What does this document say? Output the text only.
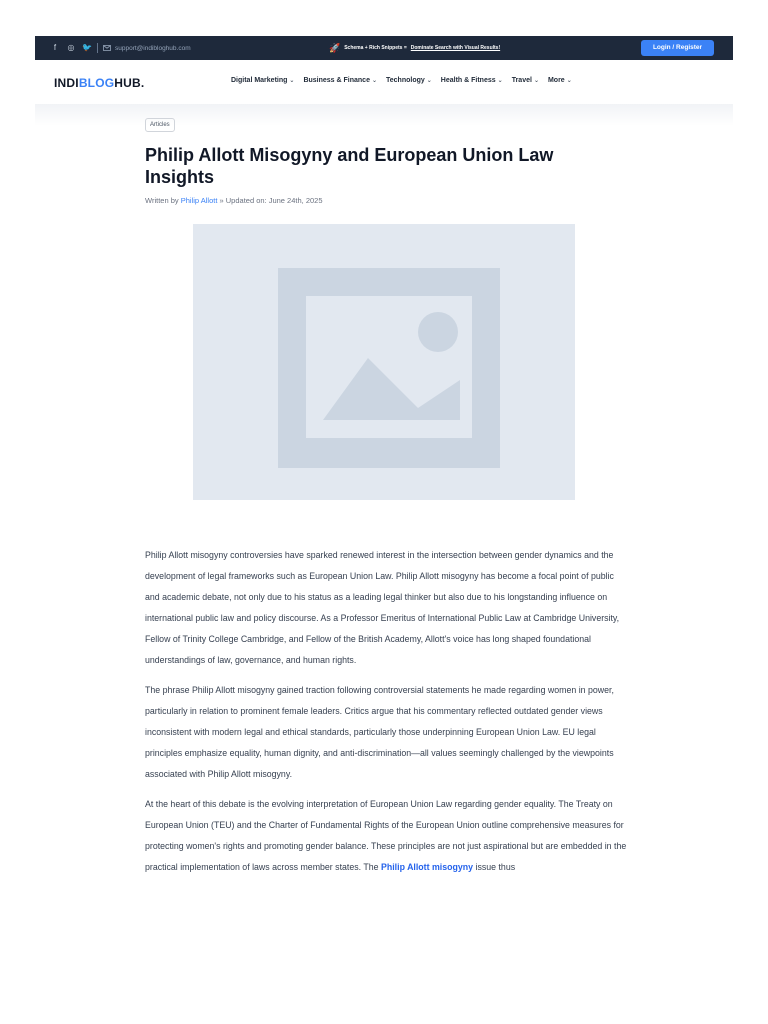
f	◎ 🐦	support@indibloghub.com	🚀 Schema + Rich Snippets = Dominate Search with Visual Results!	Login / Register
INDIBLOGHUB.	Digital Marketing ⌄ Business & Finance ⌄ Technology ⌄ Health & Fitness ⌄ Travel ⌄ More ⌄
Articles
Philip Allott Misogyny and European Union Law Insights
Written by Philip Allott » Updated on: June 24th, 2025

Philip Allott misogyny controversies have sparked renewed interest in the intersection between gender dynamics and the development of legal frameworks such as European Union Law. Philip Allott misogyny has become a focal point of public and academic debate, not only due to his status as a leading legal thinker but also due to his longstanding influence on international public law and policy discourse. As a Professor Emeritus of International Public Law at Cambridge University, Fellow of Trinity College Cambridge, and Fellow of the British Academy, Allott's voice has long shaped foundational understandings of law, governance, and human rights.

The phrase Philip Allott misogyny gained traction following controversial statements he made regarding women in power, particularly in relation to prominent female leaders. Critics argue that his commentary reflected outdated gender views inconsistent with modern legal and ethical standards, particularly those underpinning European Union Law. EU legal principles emphasize equality, human dignity, and anti-discrimination—all values seemingly challenged by the viewpoints associated with Philip Allott misogyny.

At the heart of this debate is the evolving interpretation of European Union Law regarding gender equality. The Treaty on European Union (TEU) and the Charter of Fundamental Rights of the European Union outline comprehensive measures for protecting women's rights and promoting gender balance. These principles are not just aspirational but are embedded in the practical implementation of laws across member states. The Philip Allott misogyny issue thus
